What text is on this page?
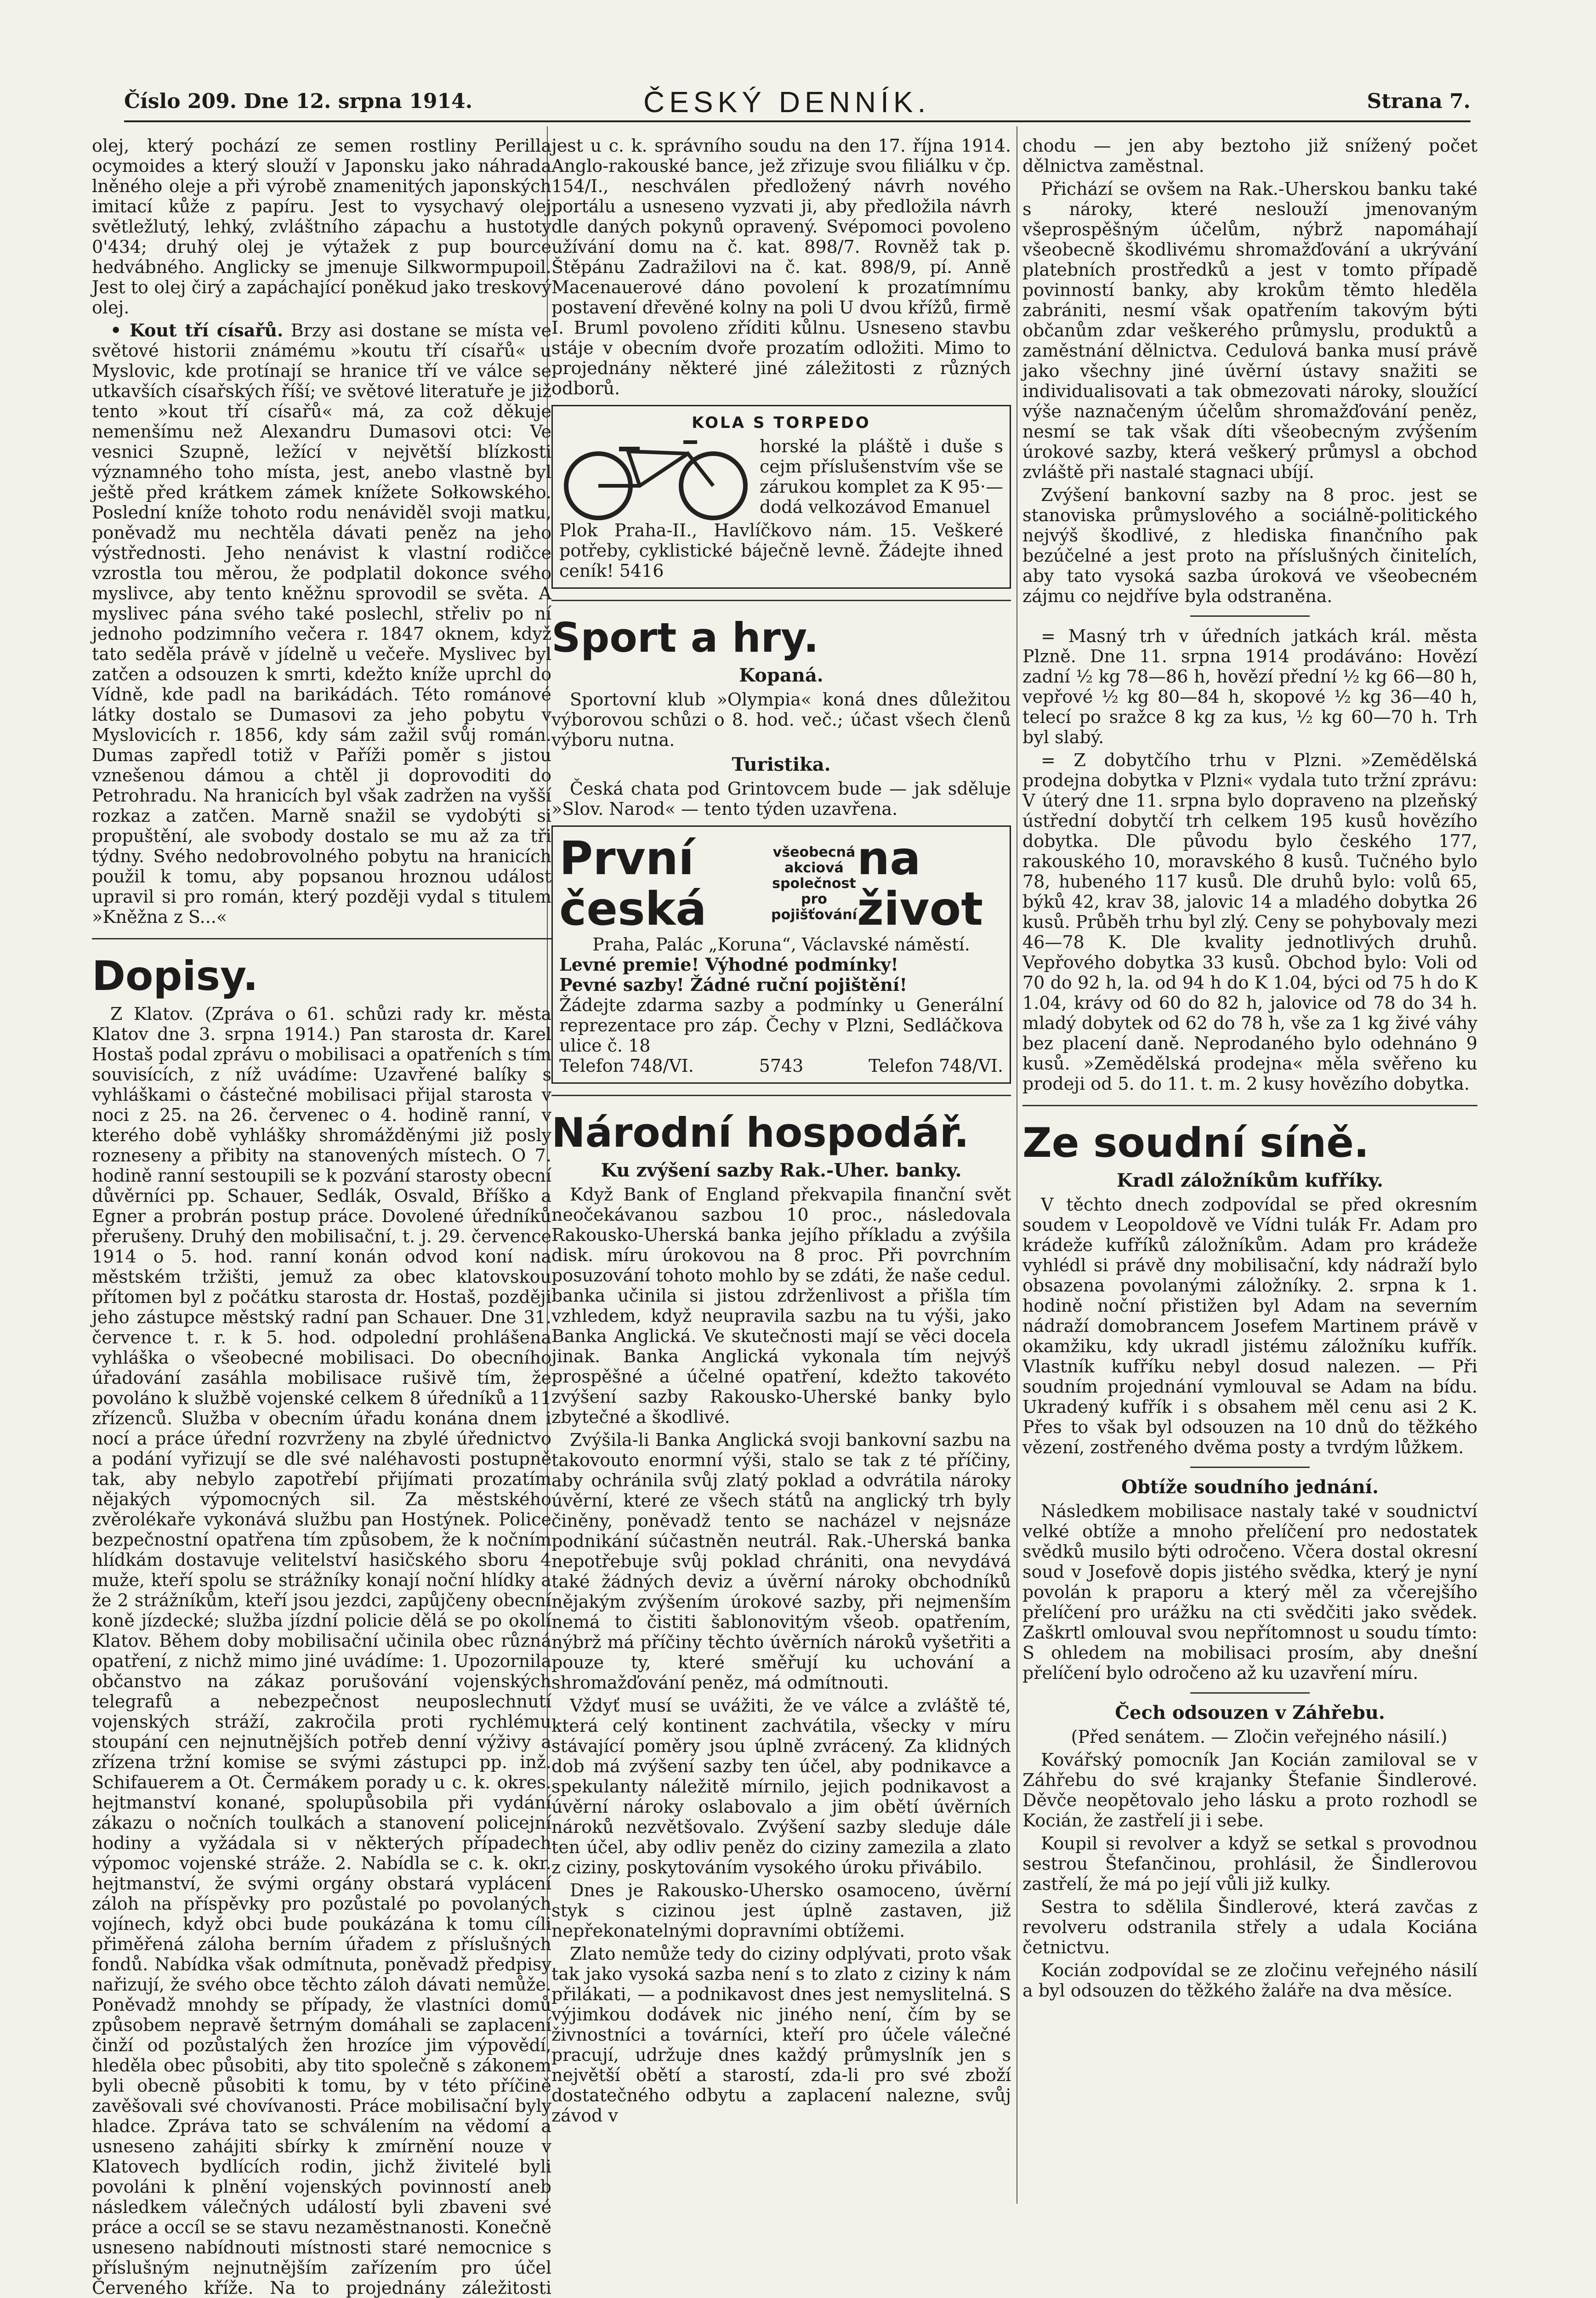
Číslo 209. Dne 12. srpna 1914.	ČESKÝ DENNÍK.	Strana 7.

olej, který pochází ze semen rostliny Perilla ocymoides a který slouží v Japonsku jako náhrada lněného oleje a při výrobě znamenitých japonských imitací kůže z papíru. Jest to vysychavý olej světležlutý, lehký, zvláštního zápachu a hustoty 0'434; druhý olej je výtažek z pup bource hedvábného. Anglicky se jmenuje Silkwormpupoil. Jest to olej čirý a zapáchající poněkud jako treskový olej.

• Kout tří císařů. Brzy asi dostane se místa ve světové historii známému »koutu tří císařů« u Myslovic, kde protínají se hranice tří ve válce se utkavších císařských říší; ve světové literatuře je již tento »kout tří císařů« má, za což děkuje nemenšímu než Alexandru Dumasovi otci: Ve vesnici Szupně, ležící v největší blízkosti významného toho místa, jest, anebo vlastně byl ještě před krátkem zámek knížete Sołkowského. Poslední kníže tohoto rodu nenáviděl svoji matku, poněvadž mu nechtěla dávati peněz na jeho výstřednosti. Jeho nenávist k vlastní rodičce vzrostla tou měrou, že podplatil dokonce svého myslivce, aby tento kněžnu sprovodil se světa. A myslivec pána svého také poslechl, střeliv po ní jednoho podzimního večera r. 1847 oknem, když tato seděla právě v jídelně u večeře. Myslivec byl zatčen a odsouzen k smrti, kdežto kníže uprchl do Vídně, kde padl na barikádách. Této románové látky dostalo se Dumasovi za jeho pobytu v Myslovicích r. 1856, kdy sám zažil svůj román. Dumas zapředl totiž v Paříži poměr s jistou vznešenou dámou a chtěl ji doprovoditi do Petrohradu. Na hranicích byl však zadržen na vyšší rozkaz a zatčen. Marně snažil se vydobýti si propuštění, ale svobody dostalo se mu až za tři týdny. Svého nedobrovolného pobytu na hranicích použil k tomu, aby popsanou hroznou událost upravil si pro román, který později vydal s titulem »Kněžna z S...«

Dopisy.

Z Klatov. (Zpráva o 61. schůzi rady kr. města Klatov dne 3. srpna 1914.) Pan starosta dr. Karel Hostaš podal zprávu o mobilisaci a opatřeních s tím souvisících, z níž uvádíme: Uzavřené balíky s vyhláškami o částečné mobilisaci přijal starosta v noci z 25. na 26. červenec o 4. hodině ranní, v kterého době vyhlášky shromážděnými již posly rozneseny a přibity na stanovených místech. O 7. hodině ranní sestoupili se k pozvání starosty obecní důvěrníci pp. Schauer, Sedlák, Osvald, Bříško a Egner a probrán postup práce. Dovolené úředníků přerušeny. Druhý den mobilisační, t. j. 29. července 1914 o 5. hod. ranní konán odvod koní na městském tržišti, jemuž za obec klatovskou přítomen byl z počátku starosta dr. Hostaš, později jeho zástupce městský radní pan Schauer. Dne 31. července t. r. k 5. hod. odpolední prohlášena vyhláška o všeobecné mobilisaci. Do obecního úřadování zasáhla mobilisace rušivě tím, že povoláno k službě vojenské celkem 8 úředníků a 11 zřízenců. Služba v obecním úřadu konána dnem i nocí a práce úřední rozvrženy na zbylé úřednictvo a podání vyřizují se dle své naléhavosti postupně tak, aby nebylo zapotřebí přijímati prozatím nějakých výpomocných sil. Za městského zvěrolékaře vykonává službu pan Hostýnek. Police bezpečnostní opatřena tím způsobem, že k nočním hlídkám dostavuje velitelství hasičského sboru 4 muže, kteří spolu se strážníky konají noční hlídky a že 2 strážníkům, kteří jsou jezdci, zapůjčeny obecní koně jízdecké; služba jízdní policie dělá se po okolí Klatov. Během doby mobilisační učinila obec různá opatření, z nichž mimo jiné uvádíme: 1. Upozornila občanstvo na zákaz porušování vojenských telegrafů a nebezpečnost neuposlechnutí vojenských stráží, zakročila proti rychlému stoupání cen nejnutnějších potřeb denní výživy a zřízena tržní komise se svými zástupci pp. inž. Schifauerem a Ot. Čermákem porady u c. k. okres. hejtmanství konané, spolupůsobila při vydání zákazu o nočních toulkách a stanovení policejní hodiny a vyžádala si v některých případech výpomoc vojenské stráže. 2. Nabídla se c. k. okr. hejtmanství, že svými orgány obstará vyplácení záloh na příspěvky pro pozůstalé po povolaných vojínech, když obci bude poukázána k tomu cíli přiměřená záloha berním úřadem z příslušných fondů. Nabídka však odmítnuta, poněvadž předpisy nařizují, že svého obce těchto záloh dávati nemůže. Poněvadž mnohdy se případy, že vlastníci domů způsobem nepravě šetrným domáhali se zaplacení činží od pozůstalých žen hrozíce jim výpovědí, hleděla obec působiti, aby tito společně s zákonem byli obecně působiti k tomu, by v této příčině zavěšovali své chovívanosti. Práce mobilisační byly hladce. Zpráva tato se schválením na vědomí a usneseno zahájiti sbírky k zmírnění nouze v Klatovech bydlících rodin, jichž živitelé byli povoláni k plnění vojenských povinností aneb následkem válečných událostí byli zbaveni své práce a occíl se se stavu nezaměstnanosti. Konečně usneseno nabídnouti místnosti staré nemocnice s příslušným nejnutnějším zařízením pro účel Červeného kříže. Na to projednány záležitosti

jest u c. k. správního soudu na den 17. října 1914. Anglo-rakouské bance, jež zřizuje svou filiálku v čp. 154/I., neschválen předložený návrh nového portálu a usneseno vyzvati ji, aby předložila návrh dle daných pokynů opravený. Svépomoci povoleno užívání domu na č. kat. 898/7. Rovněž tak p. Štěpánu Zadražilovi na č. kat. 898/9, pí. Anně Macenauerové dáno povolení k prozatímnímu postavení dřevěné kolny na poli U dvou křížů, firmě I. Bruml povoleno zříditi kůlnu. Usneseno stavbu stáje v obecním dvoře prozatím odložiti. Mimo to projednány některé jiné záležitosti z různých odborů.

KOLA S TORPEDO
horské la pláště i duše s cejm příslušenstvím vše se zárukou komplet za K 95·— dodá velkozávod Emanuel
Plok Praha-II., Havlíčkovo nám. 15. Veškeré potřeby, cyklistické báječně levně. Žádejte ihned ceník! 5416
Sport a hry.
Kopaná.

Sportovní klub »Olympia« koná dnes důležitou výborovou schůzi o 8. hod. več.; účast všech členů výboru nutna.

Turistika.

Česká chata pod Grintovcem bude — jak sděluje »Slov. Narod« — tento týden uzavřena.

První česká
všeobecná akciová společnost pro pojišťování
na život
Praha, Palác „Koruna“, Václavské náměstí.
Levné premie! Výhodné podmínky!
Pevné sazby! Žádné ruční pojištění!
Žádejte zdarma sazby a podmínky u Generální reprezentace pro záp. Čechy v Plzni, Sedláčkova ulice č. 18
Telefon 748/VI.	5743	Telefon 748/VI.
Národní hospodář.
Ku zvýšení sazby Rak.-Uher. banky.

Když Bank of England překvapila finanční svět neočekávanou sazbou 10 proc., následovala Rakousko-Uherská banka jejího příkladu a zvýšila disk. míru úrokovou na 8 proc. Při povrchním posuzování tohoto mohlo by se zdáti, že naše cedul. banka učinila si jistou zdrženlivost a přišla tím vzhledem, když neupravila sazbu na tu výši, jako Banka Anglická. Ve skutečnosti mají se věci docela jinak. Banka Anglická vykonala tím nejvýš prospěšné a účelné opatření, kdežto takovéto zvýšení sazby Rakousko-Uherské banky bylo zbytečné a škodlivé.

Zvýšila-li Banka Anglická svoji bankovní sazbu na takovouto enormní výši, stalo se tak z té příčiny, aby ochránila svůj zlatý poklad a odvrátila nároky úvěrní, které ze všech států na anglický trh byly činěny, poněvadž tento se nacházel v nejsnáze podnikání súčastněn neutrál. Rak.-Uherská banka nepotřebuje svůj poklad chrániti, ona nevydává také žádných deviz a úvěrní nároky obchodníků nějakým zvýšením úrokové sazby, při nejmenším nemá to čistiti šablonovitým všeob. opatřením, nýbrž má příčiny těchto úvěrních nároků vyšetřiti a pouze ty, které směřují ku uchování a shromažďování peněz, má odmítnouti.

Vždyť musí se uvážiti, že ve válce a zvláště té, která celý kontinent zachvátila, všecky v míru stávající poměry jsou úplně zvrácený. Za klidných dob má zvýšení sazby ten účel, aby podnikavce a spekulanty náležitě mírnilo, jejich podnikavost a úvěrní nároky oslabovalo a jim obětí úvěrních nároků nezvětšovalo. Zvýšení sazby sleduje dále ten účel, aby odliv peněz do ciziny zamezila a zlato z ciziny, poskytováním vysokého úroku přivábilo.

Dnes je Rakousko-Uhersko osamoceno, úvěrní styk s cizinou jest úplně zastaven, již nepřekonatelnými dopravními obtížemi.

Zlato nemůže tedy do ciziny odplývati, proto však tak jako vysoká sazba není s to zlato z ciziny k nám přilákati, — a podnikavost dnes jest nemyslitelná. S výjimkou dodávek nic jiného není, čím by se živnostníci a továrníci, kteří pro účele válečné pracují, udržuje dnes každý průmyslník jen s největší obětí a starostí, zda-li pro své zboží dostatečného odbytu a zaplacení nalezne, svůj závod v

chodu — jen aby beztoho již snížený počet dělnictva zaměstnal.

Přichází se ovšem na Rak.-Uherskou banku také s nároky, které neslouží jmenovaným všeprospěšným účelům, nýbrž napomáhají všeobecně škodlivému shromažďování a ukrývání platebních prostředků a jest v tomto případě povinností banky, aby krokům těmto hleděla zabrániti, nesmí však opatřením takovým býti občanům zdar veškerého průmyslu, produktů a zaměstnání dělnictva. Cedulová banka musí právě jako všechny jiné úvěrní ústavy snažiti se individualisovati a tak obmezovati nároky, sloužící výše naznačeným účelům shromažďování peněz, nesmí se tak však díti všeobecným zvýšením úrokové sazby, která veškerý průmysl a obchod zvláště při nastalé stagnaci ubíjí.

Zvýšení bankovní sazby na 8 proc. jest se stanoviska průmyslového a sociálně-politického nejvýš škodlivé, z hlediska finančního pak bezúčelné a jest proto na příslušných činitelích, aby tato vysoká sazba úroková ve všeobecném zájmu co nejdříve byla odstraněna.

= Masný trh v úředních jatkách král. města Plzně. Dne 11. srpna 1914 prodáváno: Hovězí zadní ½ kg 78—86 h, hovězí přední ½ kg 66—80 h, vepřové ½ kg 80—84 h, skopové ½ kg 36—40 h, telecí po sražce 8 kg za kus, ½ kg 60—70 h. Trh byl slabý.

= Z dobytčího trhu v Plzni. »Zemědělská prodejna dobytka v Plzni« vydala tuto tržní zprávu: V úterý dne 11. srpna bylo dopraveno na plzeňský ústřední dobytčí trh celkem 195 kusů hovězího dobytka. Dle původu bylo českého 177, rakouského 10, moravského 8 kusů. Tučného bylo 78, hubeného 117 kusů. Dle druhů bylo: volů 65, býků 42, krav 38, jalovic 14 a mladého dobytka 26 kusů. Průběh trhu byl zlý. Ceny se pohybovaly mezi 46—78 K. Dle kvality jednotlivých druhů. Vepřového dobytka 33 kusů. Obchod bylo: Voli od 70 do 92 h, la. od 94 h do K 1.04, býci od 75 h do K 1.04, krávy od 60 do 82 h, jalovice od 78 do 34 h. mladý dobytek od 62 do 78 h, vše za 1 kg živé váhy bez placení daně. Neprodaného bylo odehnáno 9 kusů. »Zemědělská prodejna« měla svěřeno ku prodeji od 5. do 11. t. m. 2 kusy hovězího dobytka.

Ze soudní síně.
Kradl záložníkům kufříky.

V těchto dnech zodpovídal se před okresním soudem v Leopoldově ve Vídni tulák Fr. Adam pro krádeže kufříků záložníkům. Adam pro krádeže vyhlédl si právě dny mobilisační, kdy nádraží bylo obsazena povolanými záložníky. 2. srpna k 1. hodině noční přistižen byl Adam na severním nádraží domobrancem Josefem Martinem právě v okamžiku, kdy ukradl jistému záložníku kufřík. Vlastník kufříku nebyl dosud nalezen. — Při soudním projednání vymlouval se Adam na bídu. Ukradený kufřík i s obsahem měl cenu asi 2 K. Přes to však byl odsouzen na 10 dnů do těžkého vězení, zostřeného dvěma posty a tvrdým lůžkem.

Obtíže soudního jednání.

Následkem mobilisace nastaly také v soudnictví velké obtíže a mnoho přelíčení pro nedostatek svědků musilo býti odročeno. Včera dostal okresní soud v Josefově dopis jistého svědka, který je nyní povolán k praporu a který měl za včerejšího přelíčení pro urážku na cti svědčiti jako svědek. Zaškrtl omlouval svou nepřítomnost u soudu tímto: S ohledem na mobilisaci prosím, aby dnešní přelíčení bylo odročeno až ku uzavření míru.

Čech odsouzen v Záhřebu.

(Před senátem. — Zločin veřejného násilí.)

Kovářský pomocník Jan Kocián zamiloval se v Záhřebu do své krajanky Štefanie Šindlerové. Děvče neopětovalo jeho lásku a proto rozhodl se Kocián, že zastřelí ji i sebe.

Koupil si revolver a když se setkal s provodnou sestrou Štefančinou, prohlásil, že Šindlerovou zastřelí, že má po její vůli již kulky.

Sestra to sdělila Šindlerové, která zavčas z revolveru odstranila střely a udala Kociána četnictvu.

Kocián zodpovídal se ze zločinu veřejného násilí a byl odsouzen do těžkého žaláře na dva měsíce.
